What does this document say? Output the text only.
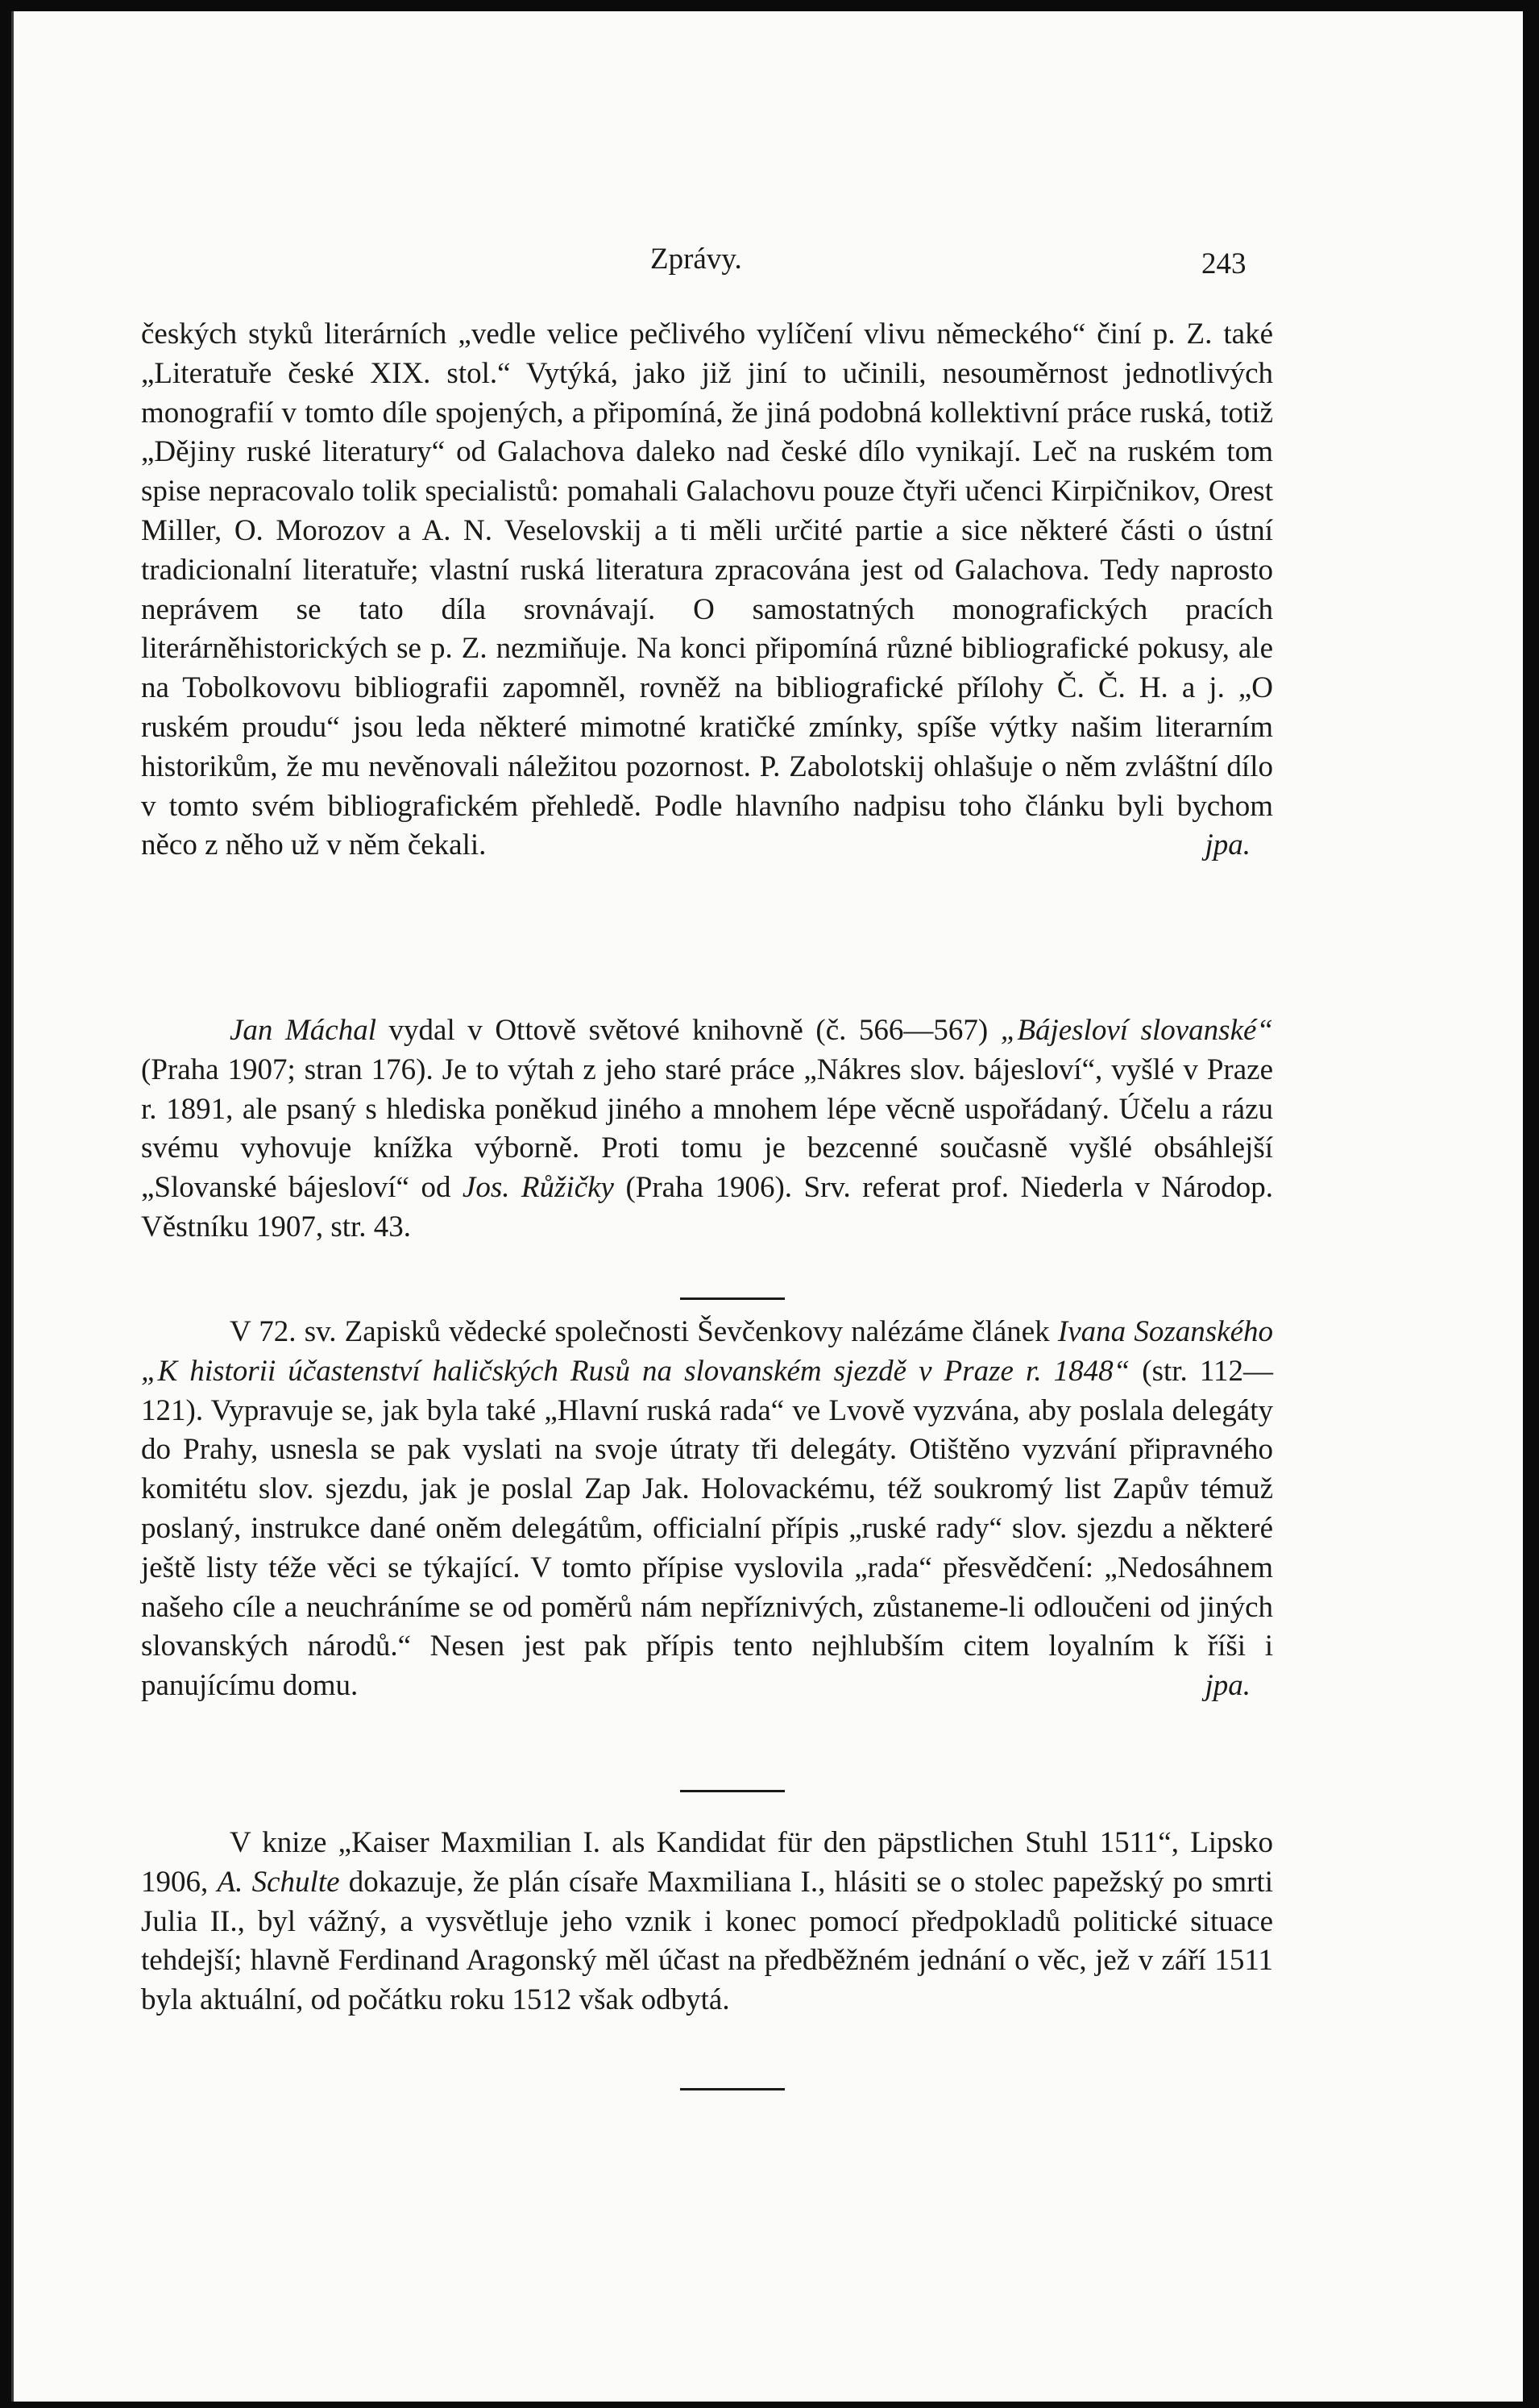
Zprávy.	243

českých styků literárních „vedle velice pečlivého vylíčení vlivu německého“ činí p. Z. také „Literatuře české XIX. stol.“ Vytýká, jako již jiní to učinili, nesouměrnost jednotlivých monografií v tomto díle spojených, a připomíná, že jiná podobná kollektivní práce ruská, totiž „Dějiny ruské literatury“ od Galachova daleko nad české dílo vynikají. Leč na ruském tom spise nepracovalo tolik specialistů: pomahali Galachovu pouze čtyři učenci Kirpičnikov, Orest Miller, O. Morozov a A. N. Veselovskij a ti měli určité partie a sice některé části o ústní tradicionalní literatuře; vlastní ruská literatura zpracována jest od Galachova. Tedy naprosto neprávem se tato díla srovnávají. O samostatných monografických pracích literárněhistorických se p. Z. nezmiňuje. Na konci připomíná různé bibliografické pokusy, ale na Tobolkovovu bibliografii zapomněl, rovněž na bibliografické přílohy Č. Č. H. a j. „O ruském proudu“ jsou leda některé mimotné kratičké zmínky, spíše výtky našim literarním historikům, že mu nevěnovali náležitou pozornost. P. Zabolotskij ohlašuje o něm zvláštní dílo v tomto svém bibliografickém přehledě. Podle hlavního nadpisu toho článku byli bychom něco z něho už v něm čekali.	jpa.

Jan Máchal vydal v Ottově světové knihovně (č. 566—567) „Bájesloví slovanské“ (Praha 1907; stran 176). Je to výtah z jeho staré práce „Nákres slov. bájesloví“, vyšlé v Praze r. 1891, ale psaný s hlediska poněkud jiného a mnohem lépe věcně uspořádaný. Účelu a rázu svému vyhovuje knížka výborně. Proti tomu je bezcenné současně vyšlé obsáhlejší „Slovanské bájesloví“ od Jos. Růžičky (Praha 1906). Srv. referat prof. Niederla v Národop. Věstníku 1907, str. 43.

V 72. sv. Zapisků vědecké společnosti Ševčenkovy nalézáme článek Ivana Sozanského „K historii účastenství haličských Rusů na slovanském sjezdě v Praze r. 1848“ (str. 112—121). Vypravuje se, jak byla také „Hlavní ruská rada“ ve Lvově vyzvána, aby poslala delegáty do Prahy, usnesla se pak vyslati na svoje útraty tři delegáty. Otištěno vyzvání připravného komitétu slov. sjezdu, jak je poslal Zap Jak. Holovackému, též soukromý list Zapův témuž poslaný, instrukce dané oněm delegátům, officialní přípis „ruské rady“ slov. sjezdu a některé ještě listy téže věci se týkající. V tomto přípise vyslovila „rada“ přesvědčení: „Nedosáhnem našeho cíle a neuchráníme se od poměrů nám nepříznivých, zůstaneme-li odloučeni od jiných slovanských národů.“ Nesen jest pak přípis tento nejhlubším citem loyalním k říši i panujícímu domu.	jpa.

V knize „Kaiser Maxmilian I. als Kandidat für den päpstlichen Stuhl 1511“, Lipsko 1906, A. Schulte dokazuje, že plán císaře Maxmiliana I., hlásiti se o stolec papežský po smrti Julia II., byl vážný, a vysvětluje jeho vznik i konec pomocí předpokladů politické situace tehdejší; hlavně Ferdinand Aragonský měl účast na předběžném jednání o věc, jež v září 1511 byla aktuální, od počátku roku 1512 však odbytá.
